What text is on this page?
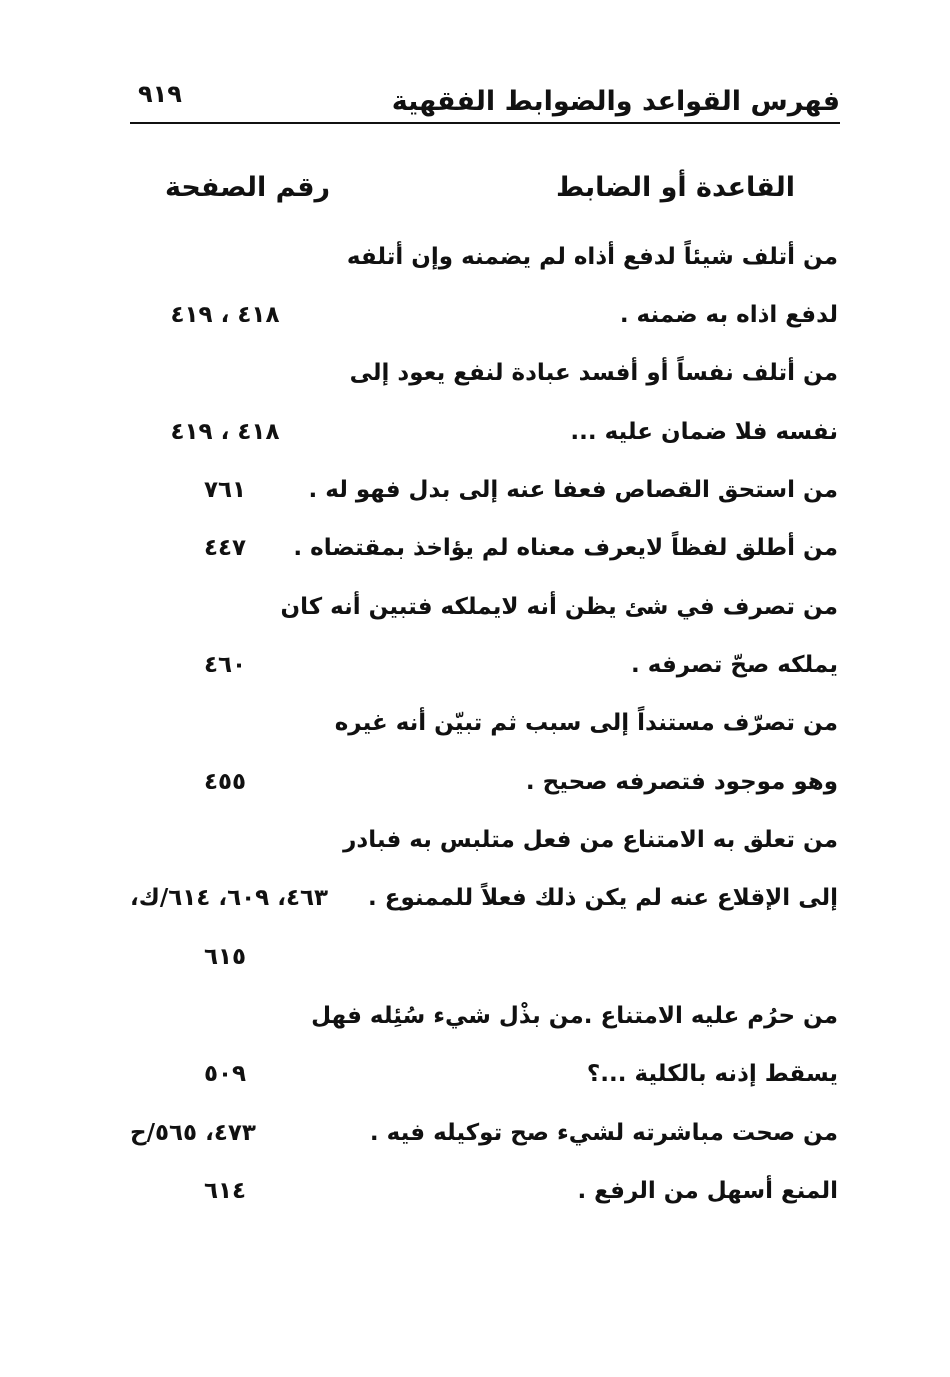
فهرس القواعد والضوابط الفقهية
٩١٩
القاعدة أو الضابط
رقم الصفحة
من أتلف شيئاً لدفع أذاه لم يضمنه وإن أتلفه
لدفع اذاه به ضمنه .
٤١٨ ، ٤١٩
من أتلف نفساً أو أفسد عبادة لنفع يعود إلى
نفسه فلا ضمان عليه ...
٤١٨ ، ٤١٩
من استحق القصاص فعفا عنه إلى بدل فهو له .
٧٦١
من أطلق لفظاً لايعرف معناه لم يؤاخذ بمقتضاه .
٤٤٧
من تصرف في شئ يظن أنه لايملكه فتبين أنه كان
يملكه صحّ تصرفه .
٤٦٠
من تصرّف مستنداً إلى سبب ثم تبيّن أنه غيره
وهو موجود فتصرفه صحيح .
٤٥٥
من تعلق به الامتناع من فعل متلبس به فبادر
إلى الإقلاع عنه لم يكن ذلك فعلاً للممنوع .
٤٦٣، ٦٠٩، ٦١٤/ك،
٦١٥
من حرُم عليه الامتناع .من بذْل شيء سُئِله فهل
يسقط إذنه بالكلية ...؟
٥٠٩
من صحت مباشرته لشيء صح توكيله فيه .
٤٧٣، ٥٦٥/ح
المنع أسهل من الرفع .
٦١٤
